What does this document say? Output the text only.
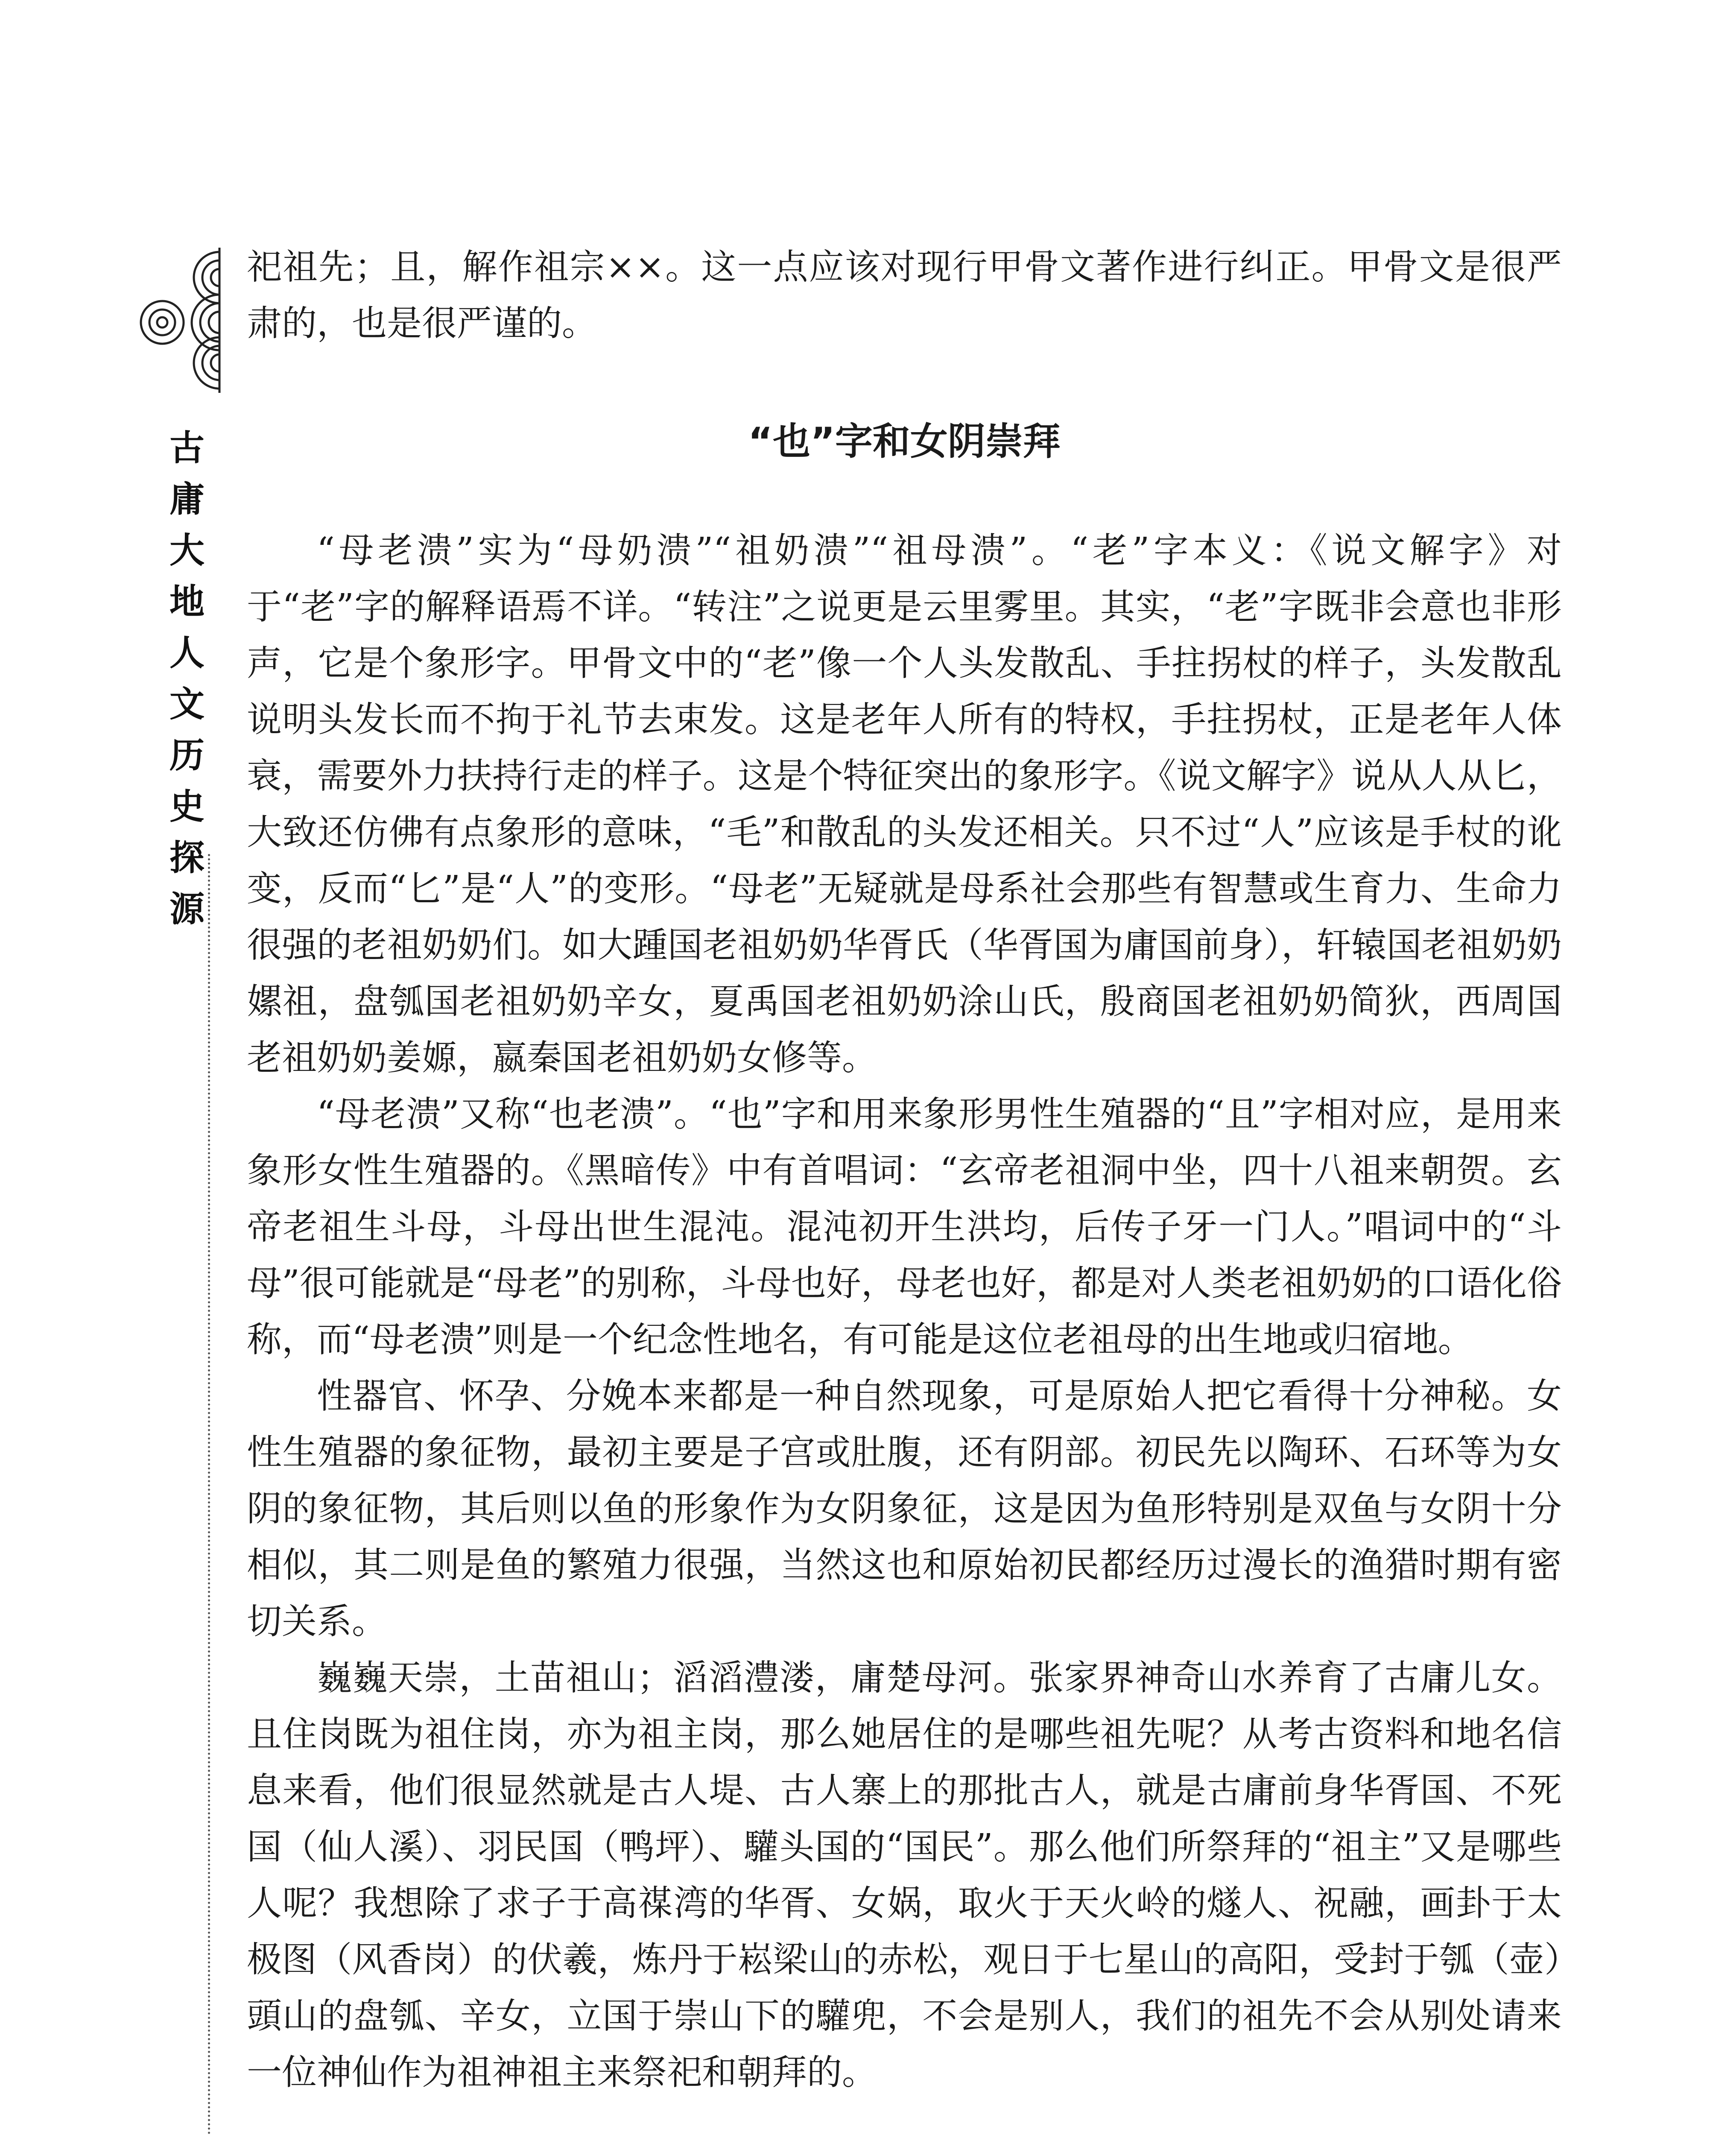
古
庸
大
地
人
文
历
史
探
源

祀祖先；且，解作祖宗××。这一点应该对现行甲骨文著作进行纠正。甲骨文是很严肃的，也是很严谨的。

“也”字和女阴崇拜

“母老溃”实为“母奶溃”“祖奶溃”“祖母溃”。“老”字本义：《说文解字》对于“老”字的解释语焉不详。“转注”之说更是云里雾里。其实，“老”字既非会意也非形声，它是个象形字。甲骨文中的“老”像一个人头发散乱、手拄拐杖的样子，头发散乱说明头发长而不拘于礼节去束发。这是老年人所有的特权，手拄拐杖，正是老年人体衰，需要外力扶持行走的样子。这是个特征突出的象形字。《说文解字》说从人从匕，大致还仿佛有点象形的意味，“毛”和散乱的头发还相关。只不过“人”应该是手杖的讹变，反而“匕”是“人”的变形。“母老”无疑就是母系社会那些有智慧或生育力、生命力很强的老祖奶奶们。如大踵国老祖奶奶华胥氏（华胥国为庸国前身），轩辕国老祖奶奶嫘祖，盘瓠国老祖奶奶辛女，夏禹国老祖奶奶涂山氏，殷商国老祖奶奶简狄，西周国老祖奶奶姜嫄，嬴秦国老祖奶奶女修等。

“母老溃”又称“也老溃”。“也”字和用来象形男性生殖器的“且”字相对应，是用来象形女性生殖器的。《黑暗传》中有首唱词：“玄帝老祖洞中坐，四十八祖来朝贺。玄帝老祖生斗母，斗母出世生混沌。混沌初开生洪均，后传子牙一门人。”唱词中的“斗母”很可能就是“母老”的别称，斗母也好，母老也好，都是对人类老祖奶奶的口语化俗称，而“母老溃”则是一个纪念性地名，有可能是这位老祖母的出生地或归宿地。

性器官、怀孕、分娩本来都是一种自然现象，可是原始人把它看得十分神秘。女性生殖器的象征物，最初主要是子宫或肚腹，还有阴部。初民先以陶环、石环等为女阴的象征物，其后则以鱼的形象作为女阴象征，这是因为鱼形特别是双鱼与女阴十分相似，其二则是鱼的繁殖力很强，当然这也和原始初民都经历过漫长的渔猎时期有密切关系。

巍巍天崇，土苗祖山；滔滔澧溇，庸楚母河。张家界神奇山水养育了古庸儿女。且住岗既为祖住岗，亦为祖主岗，那么她居住的是哪些祖先呢？从考古资料和地名信息来看，他们很显然就是古人堤、古人寨上的那批古人，就是古庸前身华胥国、不死国（仙人溪）、羽民国（鸭坪）、驩头国的“国民”。那么他们所祭拜的“祖主”又是哪些人呢？我想除了求子于高禖湾的华胥、女娲，取火于天火岭的燧人、祝融，画卦于太极图（风香岗）的伏羲，炼丹于崧梁山的赤松，观日于七星山的高阳，受封于瓠（壶）頭山的盘瓠、辛女，立国于崇山下的驩兜，不会是别人，我们的祖先不会从别处请来一位神仙作为祖神祖主来祭祀和朝拜的。
